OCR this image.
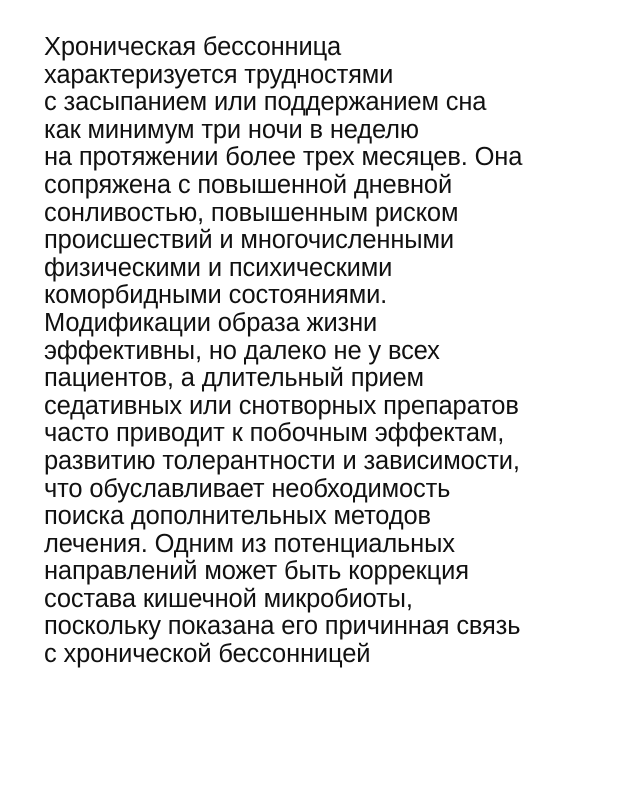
Хроническая бессонница
характеризуется трудностями
с засыпанием или поддержанием сна
как минимум три ночи в неделю
на протяжении более трех месяцев. Она
сопряжена с повышенной дневной
сонливостью, повышенным риском
происшествий и многочисленными
физическими и психическими
коморбидными состояниями.
Модификации образа жизни
эффективны, но далеко не у всех
пациентов, а длительный прием
седативных или снотворных препаратов
часто приводит к побочным эффектам,
развитию толерантности и зависимости,
что обуславливает необходимость
поиска дополнительных методов
лечения. Одним из потенциальных
направлений может быть коррекция
состава кишечной микробиоты,
поскольку показана его причинная связь
с хронической бессонницей
